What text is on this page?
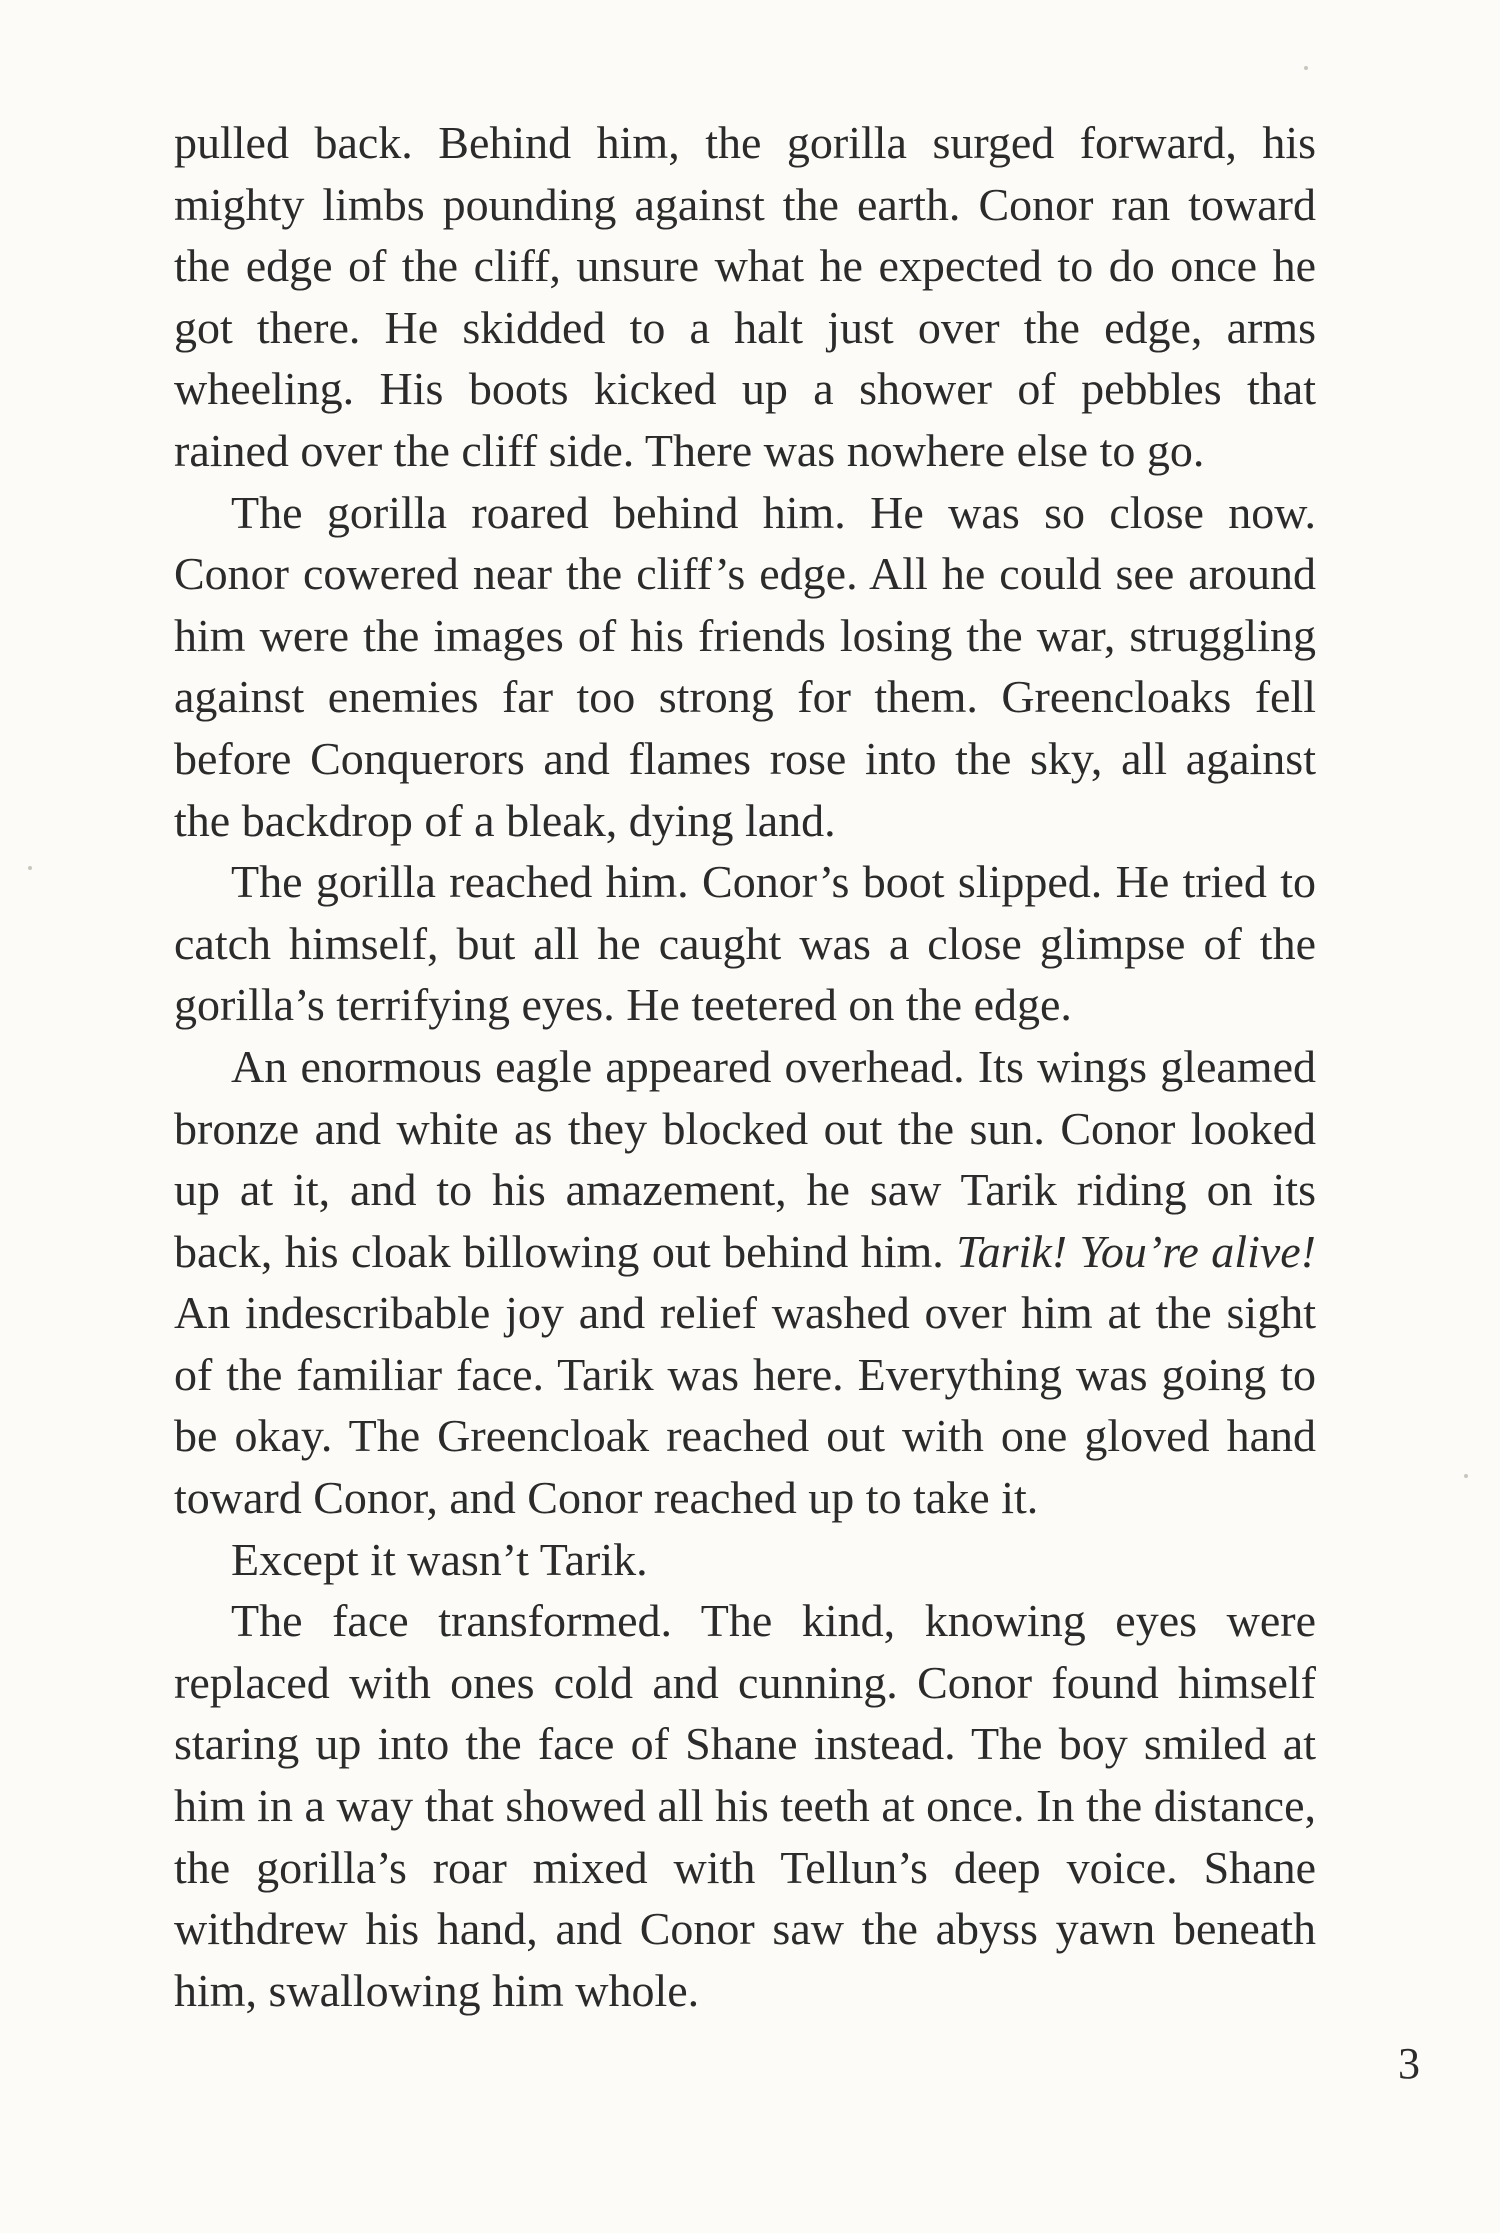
pulled back. Behind him, the gorilla surged forward, his mighty limbs pounding against the earth. Conor ran toward the edge of the cliff, unsure what he expected to do once he got there. He skidded to a halt just over the edge, arms wheeling. His boots kicked up a shower of pebbles that rained over the cliff side. There was nowhere else to go.

The gorilla roared behind him. He was so close now. Conor cowered near the cliff’s edge. All he could see around him were the images of his friends losing the war, struggling against enemies far too strong for them. Greencloaks fell before Conquerors and flames rose into the sky, all against the backdrop of a bleak, dying land.

The gorilla reached him. Conor’s boot slipped. He tried to catch himself, but all he caught was a close glimpse of the gorilla’s terrifying eyes. He teetered on the edge.

An enormous eagle appeared overhead. Its wings gleamed bronze and white as they blocked out the sun. Conor looked up at it, and to his amazement, he saw Tarik riding on its back, his cloak billowing out behind him. Tarik! You’re alive! An indescribable joy and relief washed over him at the sight of the familiar face. Tarik was here. Everything was going to be okay. The Greencloak reached out with one gloved hand toward Conor, and Conor reached up to take it.

Except it wasn’t Tarik.

The face transformed. The kind, knowing eyes were replaced with ones cold and cunning. Conor found himself staring up into the face of Shane instead. The boy smiled at him in a way that showed all his teeth at once. In the distance, the gorilla’s roar mixed with Tellun’s deep voice. Shane withdrew his hand, and Conor saw the abyss yawn beneath him, swallowing him whole.

3
